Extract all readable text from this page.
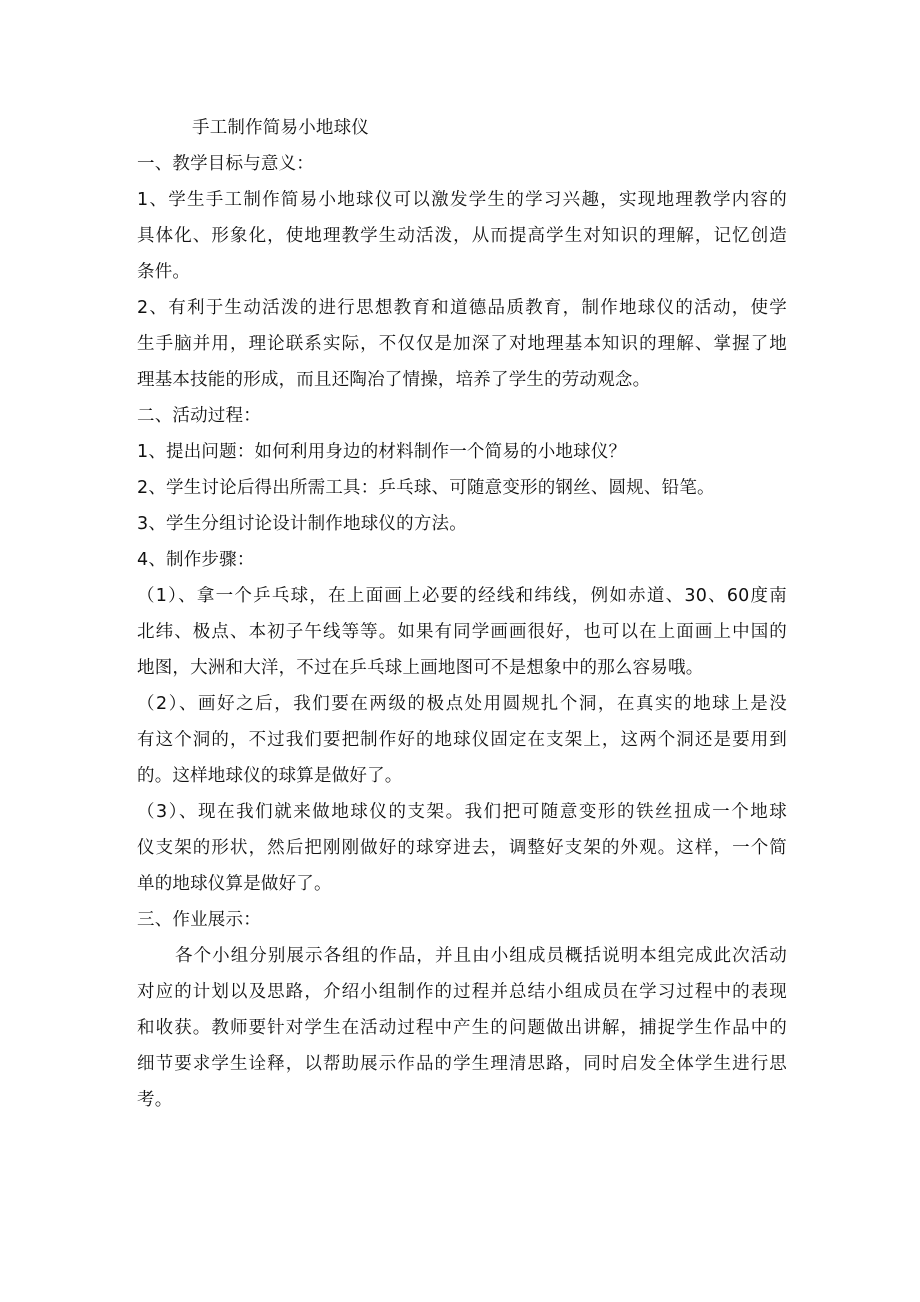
手工制作简易小地球仪
一、教学目标与意义：
1、学生手工制作简易小地球仪可以激发学生的学习兴趣，实现地理教学内容的
具体化、形象化，使地理教学生动活泼，从而提高学生对知识的理解，记忆创造
条件。
2、有利于生动活泼的进行思想教育和道德品质教育，制作地球仪的活动，使学
生手脑并用，理论联系实际，不仅仅是加深了对地理基本知识的理解、掌握了地
理基本技能的形成，而且还陶冶了情操，培养了学生的劳动观念。
二、活动过程：
1、提出问题：如何利用身边的材料制作一个简易的小地球仪？
2、学生讨论后得出所需工具：乒乓球、可随意变形的钢丝、圆规、铅笔。
3、学生分组讨论设计制作地球仪的方法。
4、制作步骤：
（1）、拿一个乒乓球，在上面画上必要的经线和纬线，例如赤道、30、60度南
北纬、极点、本初子午线等等。如果有同学画画很好，也可以在上面画上中国的
地图，大洲和大洋，不过在乒乓球上画地图可不是想象中的那么容易哦。
（2）、画好之后，我们要在两级的极点处用圆规扎个洞，在真实的地球上是没
有这个洞的，不过我们要把制作好的地球仪固定在支架上，这两个洞还是要用到
的。这样地球仪的球算是做好了。
（3）、现在我们就来做地球仪的支架。我们把可随意变形的铁丝扭成一个地球
仪支架的形状，然后把刚刚做好的球穿进去，调整好支架的外观。这样，一个简
单的地球仪算是做好了。
三、作业展示：
各个小组分别展示各组的作品，并且由小组成员概括说明本组完成此次活动
对应的计划以及思路，介绍小组制作的过程并总结小组成员在学习过程中的表现
和收获。教师要针对学生在活动过程中产生的问题做出讲解，捕捉学生作品中的
细节要求学生诠释，以帮助展示作品的学生理清思路，同时启发全体学生进行思
考。
